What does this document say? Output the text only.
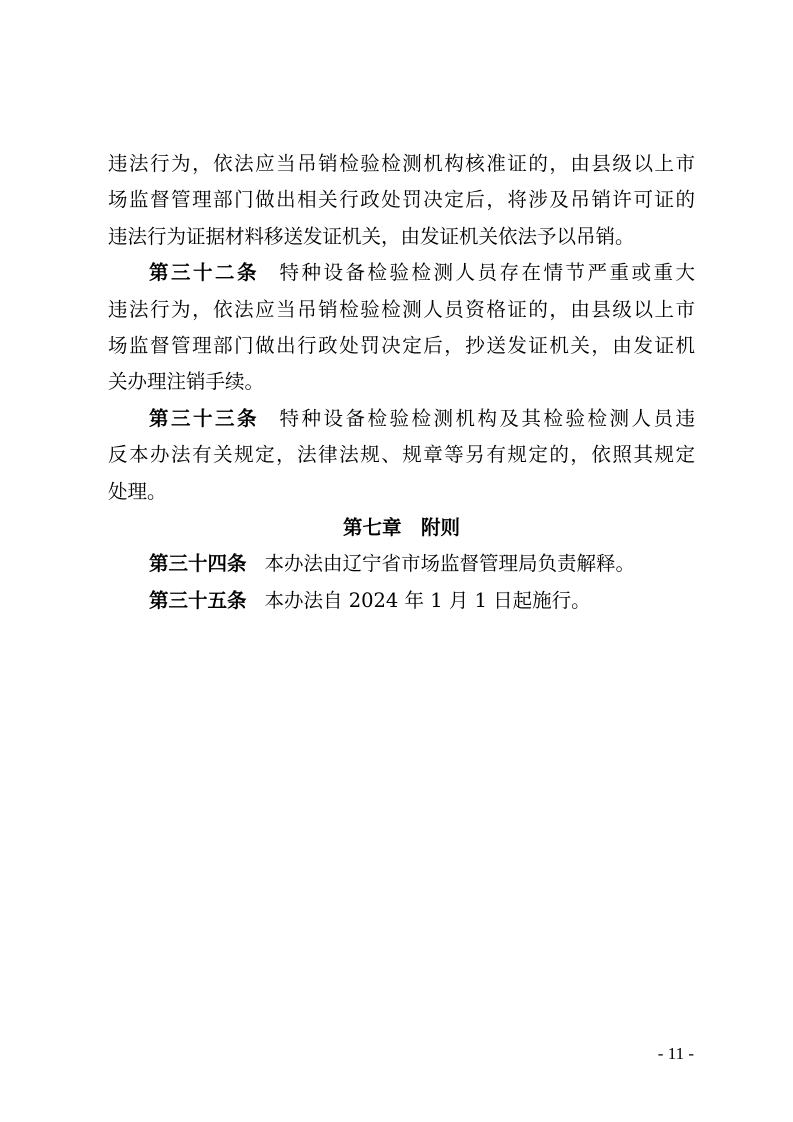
违法行为，依法应当吊销检验检测机构核准证的，由县级以上市
场监督管理部门做出相关行政处罚决定后，将涉及吊销许可证的
违法行为证据材料移送发证机关，由发证机关依法予以吊销。
第三十二条 特种设备检验检测人员存在情节严重或重大
违法行为，依法应当吊销检验检测人员资格证的，由县级以上市
场监督管理部门做出行政处罚决定后，抄送发证机关，由发证机
关办理注销手续。
第三十三条 特种设备检验检测机构及其检验检测人员违
反本办法有关规定，法律法规、规章等另有规定的，依照其规定
处理。
第七章　附则
第三十四条 本办法由辽宁省市场监督管理局负责解释。
第三十五条 本办法自 2024 年 1 月 1 日起施行。
- 11 -
